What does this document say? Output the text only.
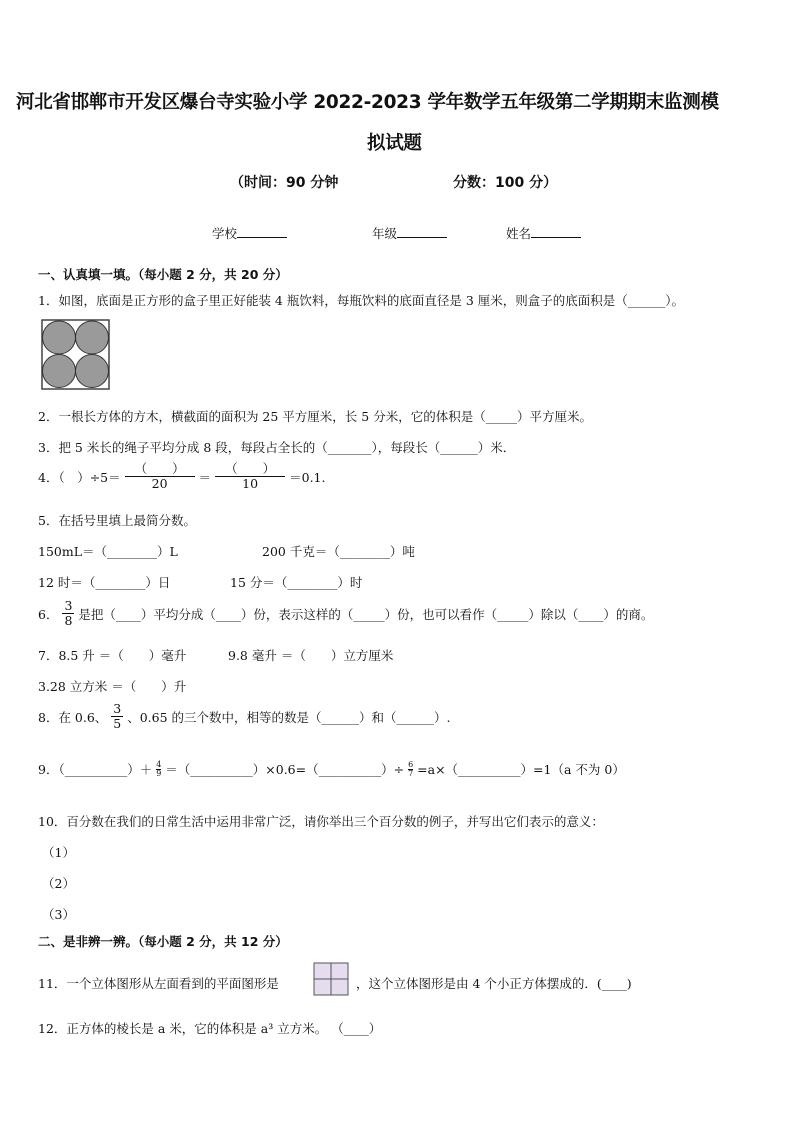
河北省邯郸市开发区爆台寺实验小学 2022-2023 学年数学五年级第二学期期末监测模
拟试题
（时间：90 分钟	分数：100 分）
学校	年级	姓名
一、认真填一填。（每小题 2 分，共 20 分）
1．如图，底面是正方形的盒子里正好能装 4 瓶饮料，每瓶饮料的底面直径是 3 厘米，则盒子的底面积是（______）。
2．一根长方体的方木，横截面的面积为 25 平方厘米，长 5 分米，它的体积是（_____）平方厘米。
3．把 5 米长的绳子平均分成 8 段，每段占全长的（_______），每段长（______）米．
4．（　）$\div 5= \frac{( )}{20} = \frac{( )}{10} =0.1$.
5．在括号里填上最简分数。
150mL＝（________）L	200 千克＝（________）吨
12 时＝（________）日	15 分＝（________）时
6． $\frac{3}{8}$ 是把（____）平均分成（____）份，表示这样的（_____）份，也可以看作（_____）除以（____）的商。
7．8.5 升 ＝（　　）毫升	9.8 毫升 ＝（　　）立方厘米
3.28 立方米 ＝（　　）升
8．在 0.6、 $\frac{3}{5}$ 、0.65 的三个数中，相等的数是（______）和（______）.
9．（__________）＋ $\frac{4}{9}$ ＝（__________）×0.6=（__________）÷ $\frac{6}{7}$ =a×（__________）=1（a 不为 0）
10．百分数在我们的日常生活中运用非常广泛，请你举出三个百分数的例子，并写出它们表示的意义：
（1）
（2）
（3）
二、是非辨一辨。（每小题 2 分，共 12 分）
11．一个立体图形从左面看到的平面图形是	，这个立体图形是由 4 个小正方体摆成的．(____)
12．正方体的棱长是 a 米，它的体积是 a³ 立方米。 （____）
